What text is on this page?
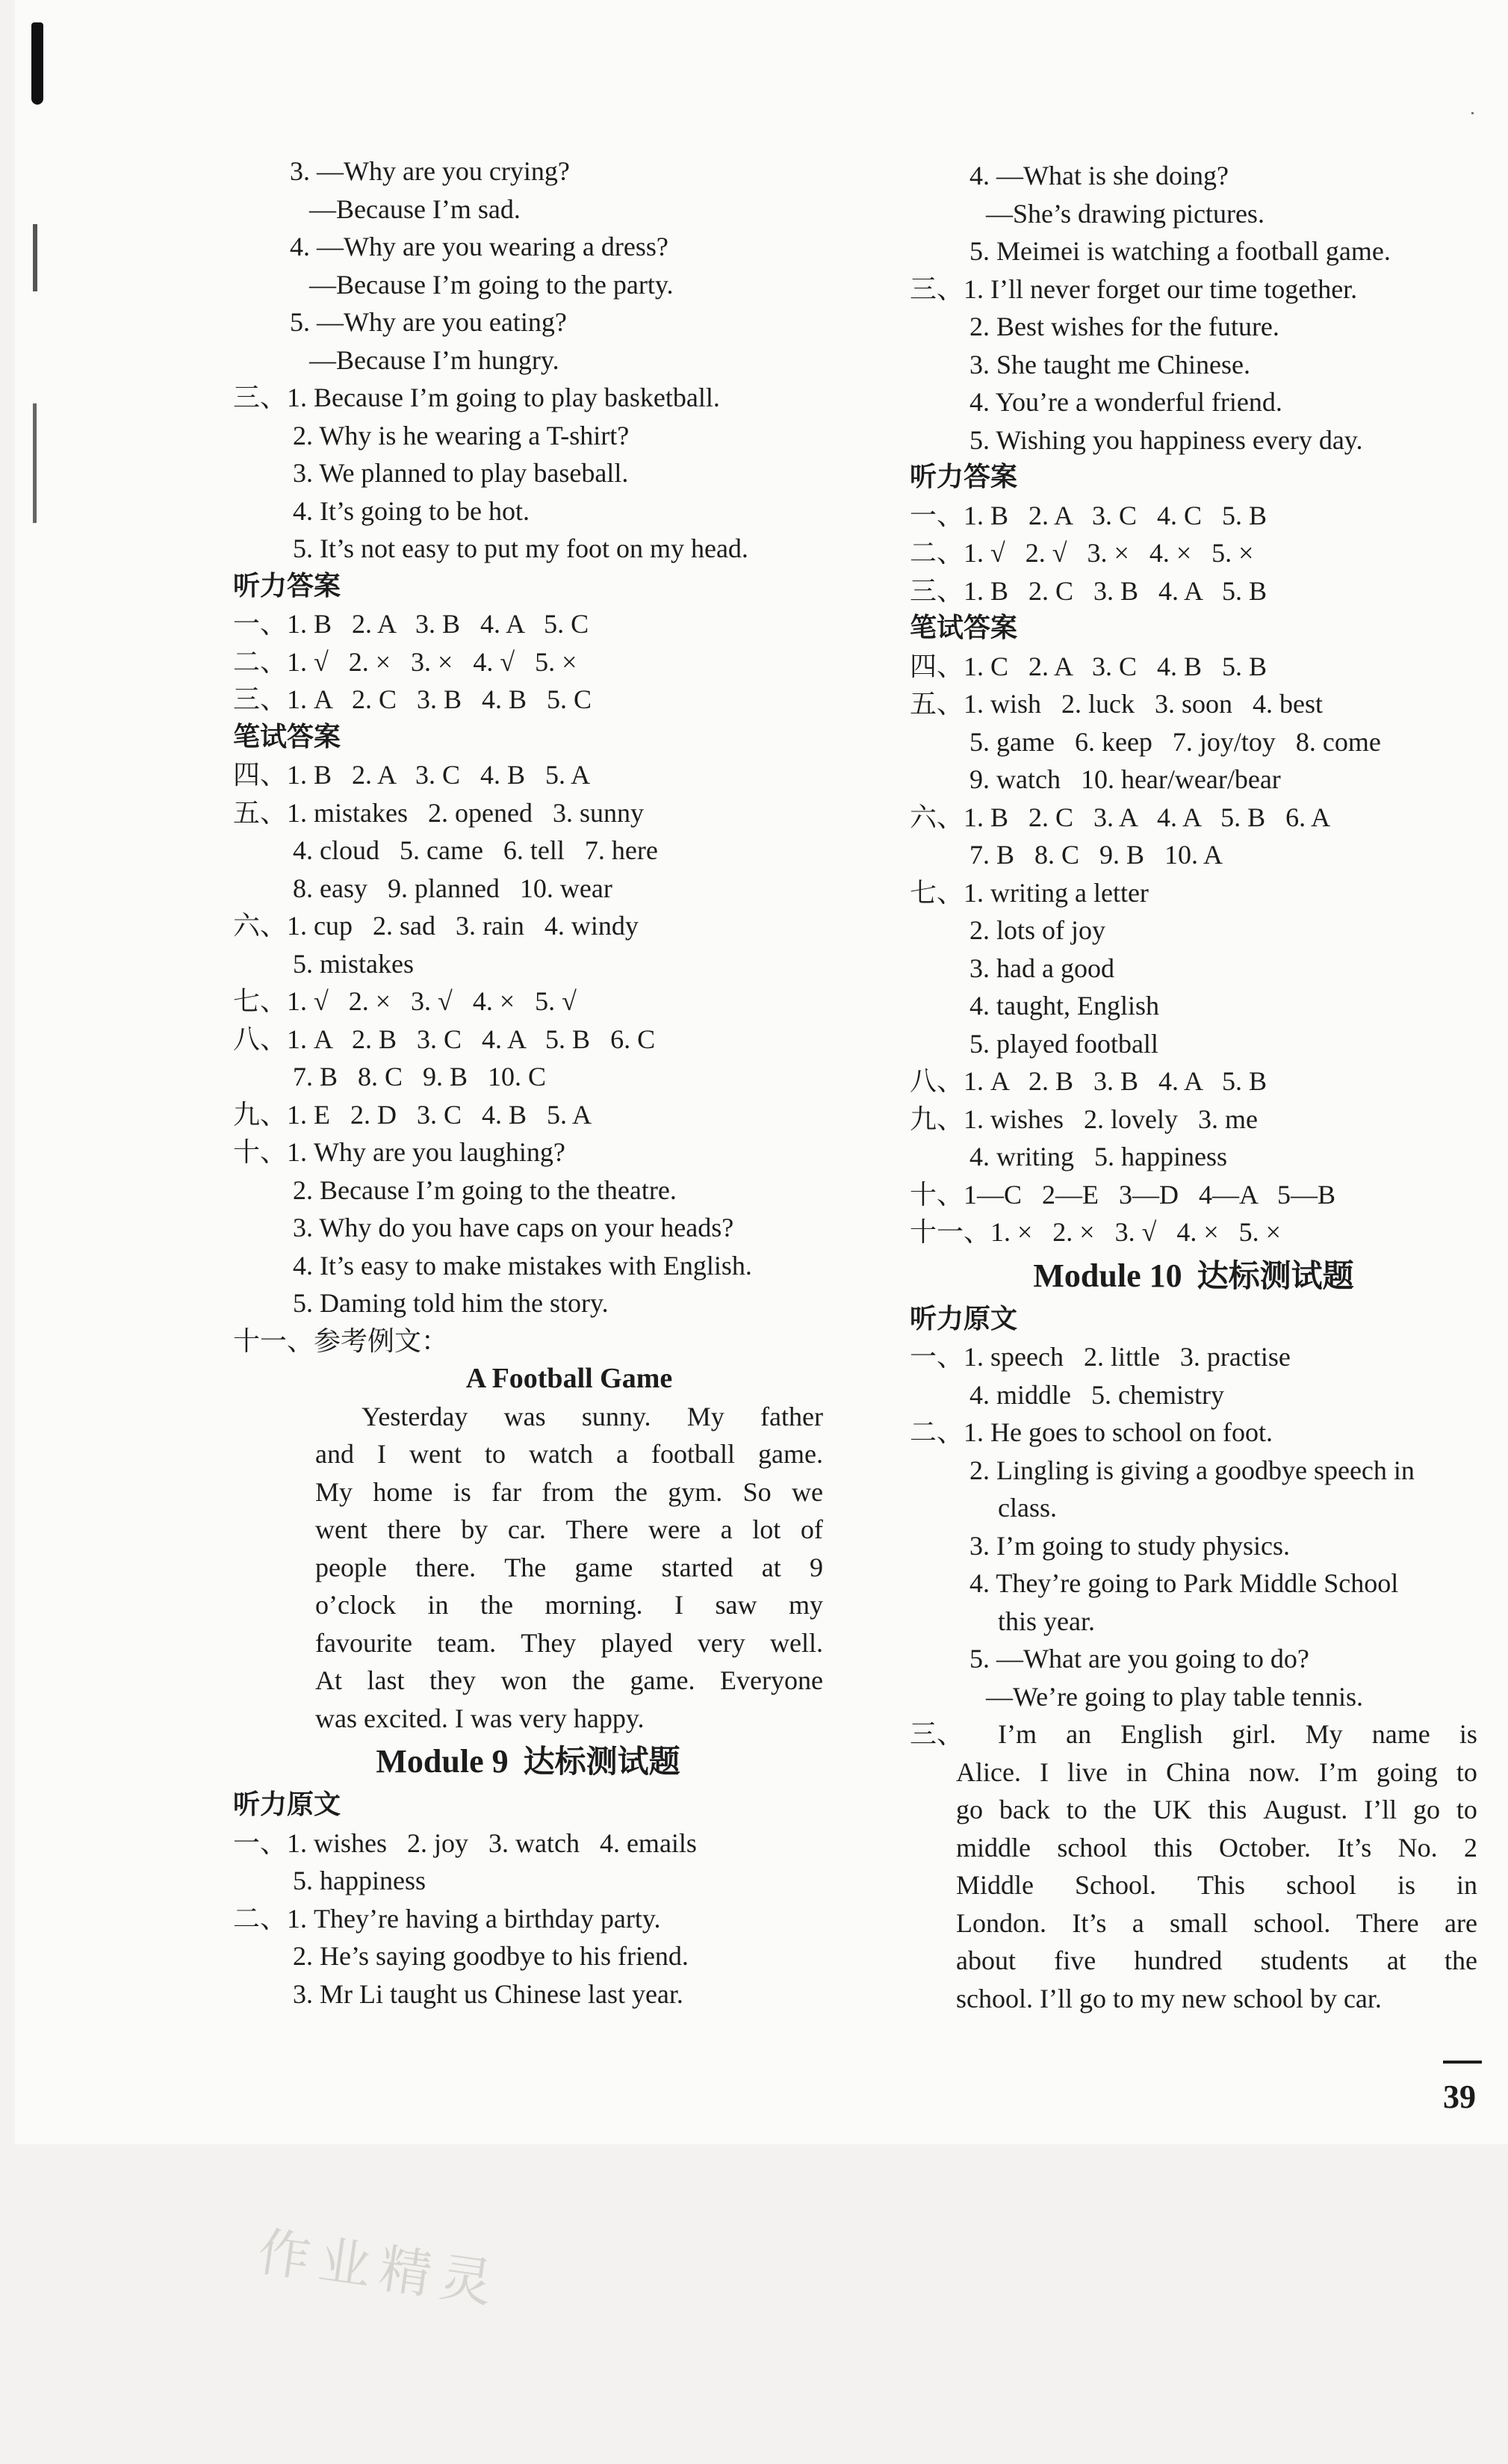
3. —Why are you crying?
—Because I’m sad.
4. —Why are you wearing a dress?
—Because I’m going to the party.
5. —Why are you eating?
—Because I’m hungry.
三、1. Because I’m going to play basketball.
2. Why is he wearing a T-shirt?
3. We planned to play baseball.
4. It’s going to be hot.
5. It’s not easy to put my foot on my head.
听力答案
一、1. B   2. A   3. B   4. A   5. C
二、1. √   2. ×   3. ×   4. √   5. ×
三、1. A   2. C   3. B   4. B   5. C
笔试答案
四、1. B   2. A   3. C   4. B   5. A
五、1. mistakes   2. opened   3. sunny
4. cloud   5. came   6. tell   7. here
8. easy   9. planned   10. wear
六、1. cup   2. sad   3. rain   4. windy
5. mistakes
七、1. √   2. ×   3. √   4. ×   5. √
八、1. A   2. B   3. C   4. A   5. B   6. C
7. B   8. C   9. B   10. C
九、1. E   2. D   3. C   4. B   5. A
十、1. Why are you laughing?
2. Because I’m going to the theatre.
3. Why do you have caps on your heads?
4. It’s easy to make mistakes with English.
5. Daming told him the story.
十一、参考例文：
A Football Game
Yesterday was sunny. My father
and I went to watch a football game.
My home is far from the gym. So we
went there by car. There were a lot of
people there. The game started at 9
o’clock in the morning. I saw my
favourite team. They played very well.
At last they won the game. Everyone
was excited. I was very happy.
Module 9 达标测试题
听力原文
一、1. wishes   2. joy   3. watch   4. emails
5. happiness
二、1. They’re having a birthday party.
2. He’s saying goodbye to his friend.
3. Mr Li taught us Chinese last year.
4. —What is she doing?
—She’s drawing pictures.
5. Meimei is watching a football game.
三、1. I’ll never forget our time together.
2. Best wishes for the future.
3. She taught me Chinese.
4. You’re a wonderful friend.
5. Wishing you happiness every day.
听力答案
一、1. B   2. A   3. C   4. C   5. B
二、1. √   2. √   3. ×   4. ×   5. ×
三、1. B   2. C   3. B   4. A   5. B
笔试答案
四、1. C   2. A   3. C   4. B   5. B
五、1. wish   2. luck   3. soon   4. best
5. game   6. keep   7. joy/toy   8. come
9. watch   10. hear/wear/bear
六、1. B   2. C   3. A   4. A   5. B   6. A
7. B   8. C   9. B   10. A
七、1. writing a letter
2. lots of joy
3. had a good
4. taught, English
5. played football
八、1. A   2. B   3. B   4. A   5. B
九、1. wishes   2. lovely   3. me
4. writing   5. happiness
十、1—C   2—E   3—D   4—A   5—B
十一、1. ×   2. ×   3. √   4. ×   5. ×
Module 10 达标测试题
听力原文
一、1. speech   2. little   3. practise
4. middle   5. chemistry
二、1. He goes to school on foot.
2. Lingling is giving a goodbye speech in
class.
3. I’m going to study physics.
4. They’re going to Park Middle School
this year.
5. —What are you going to do?
—We’re going to play table tennis.
三、 I’m an English girl. My name is
Alice. I live in China now. I’m going to
go back to the UK this August. I’ll go to
middle school this October. It’s No. 2
Middle School. This school is in
London. It’s a small school. There are
about five hundred students at the
school. I’ll go to my new school by car.
39
作业精灵
